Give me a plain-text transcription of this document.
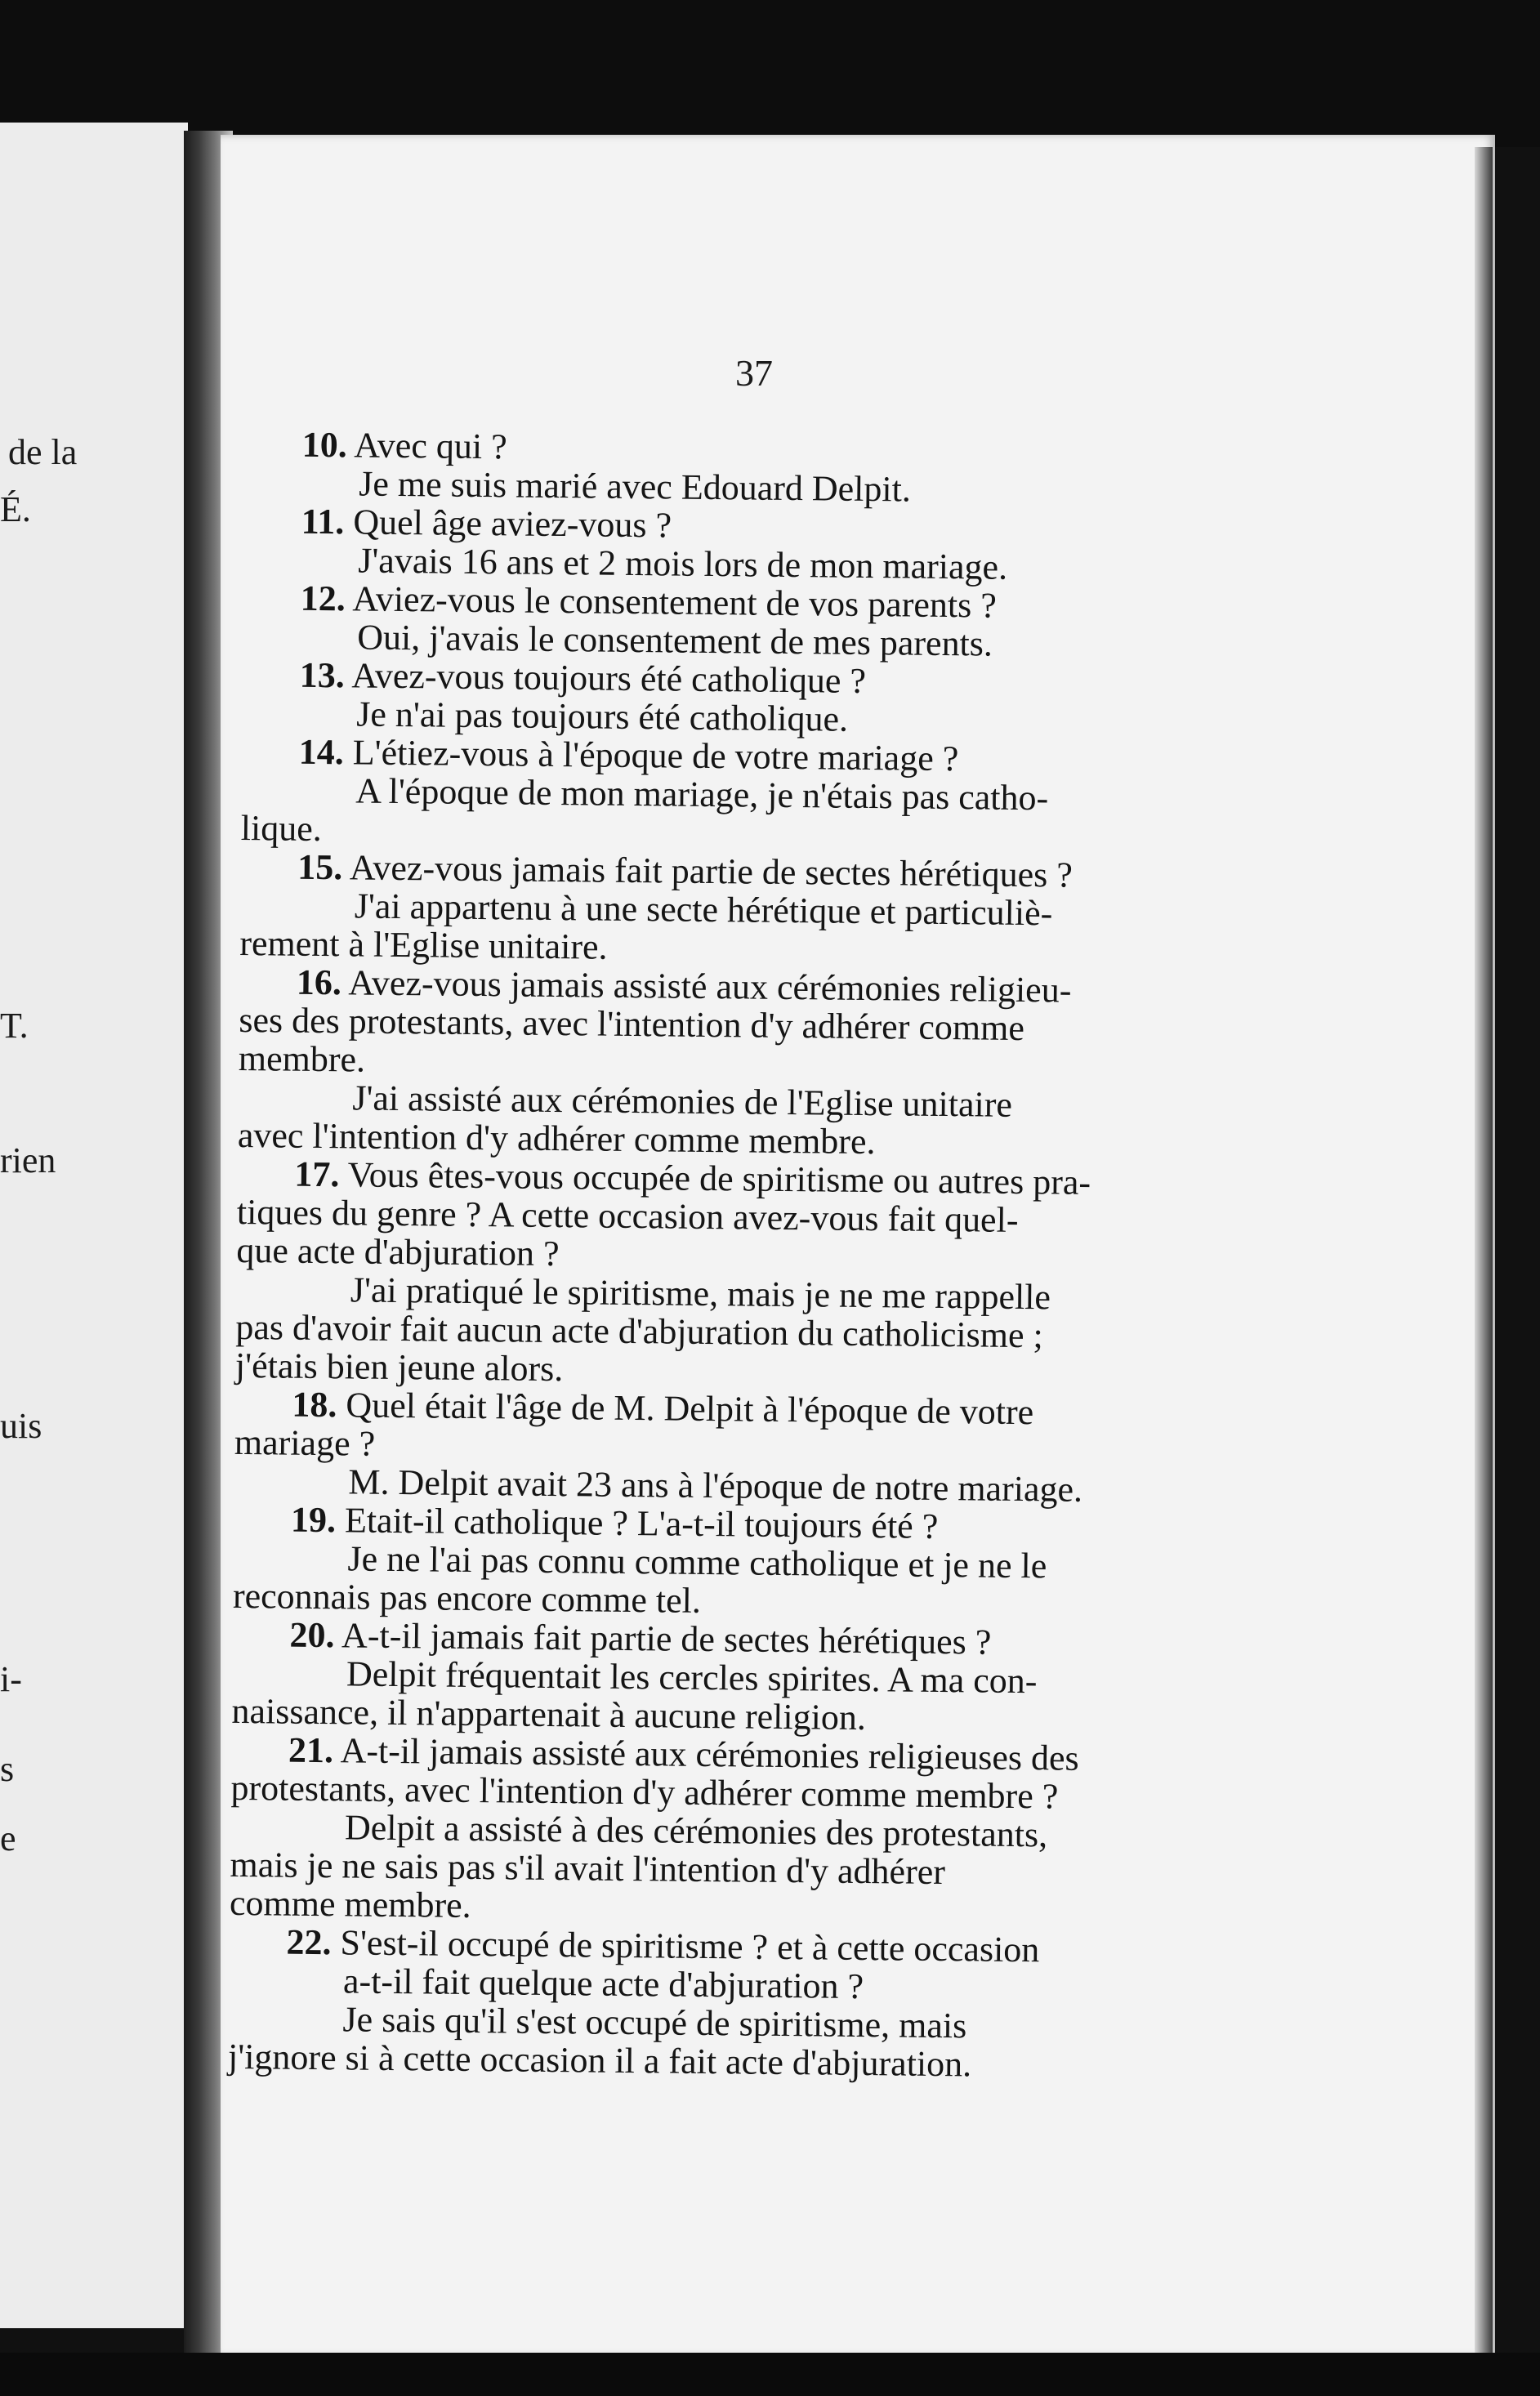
de la
É.
T.
rien
uis
i-
s
e
37
10. Avec qui ?
Je me suis marié avec Edouard Delpit.
11. Quel âge aviez-vous ?
J'avais 16 ans et 2 mois lors de mon mariage.
12. Aviez-vous le consentement de vos parents ?
Oui, j'avais le consentement de mes parents.
13. Avez-vous toujours été catholique ?
Je n'ai pas toujours été catholique.
14. L'étiez-vous à l'époque de votre mariage ?
A l'époque de mon mariage, je n'étais pas catho-
lique.
15. Avez-vous jamais fait partie de sectes hérétiques ?
J'ai appartenu à une secte hérétique et particuliè-
rement à l'Eglise unitaire.
16. Avez-vous jamais assisté aux cérémonies religieu-
ses des protestants, avec l'intention d'y adhérer comme
membre.
J'ai assisté aux cérémonies de l'Eglise unitaire
avec l'intention d'y adhérer comme membre.
17. Vous êtes-vous occupée de spiritisme ou autres pra-
tiques du genre ? A cette occasion avez-vous fait quel-
que acte d'abjuration ?
J'ai pratiqué le spiritisme, mais je ne me rappelle
pas d'avoir fait aucun acte d'abjuration du catholicisme ;
j'étais bien jeune alors.
18. Quel était l'âge de M. Delpit à l'époque de votre
mariage ?
M. Delpit avait 23 ans à l'époque de notre mariage.
19. Etait-il catholique ? L'a-t-il toujours été ?
Je ne l'ai pas connu comme catholique et je ne le
reconnais pas encore comme tel.
20. A-t-il jamais fait partie de sectes hérétiques ?
Delpit fréquentait les cercles spirites. A ma con-
naissance, il n'appartenait à aucune religion.
21. A-t-il jamais assisté aux cérémonies religieuses des
protestants, avec l'intention d'y adhérer comme membre ?
Delpit a assisté à des cérémonies des protestants,
mais je ne sais pas s'il avait l'intention d'y adhérer
comme membre.
22. S'est-il occupé de spiritisme ? et à cette occasion
a-t-il fait quelque acte d'abjuration ?
Je sais qu'il s'est occupé de spiritisme, mais
j'ignore si à cette occasion il a fait acte d'abjuration.
